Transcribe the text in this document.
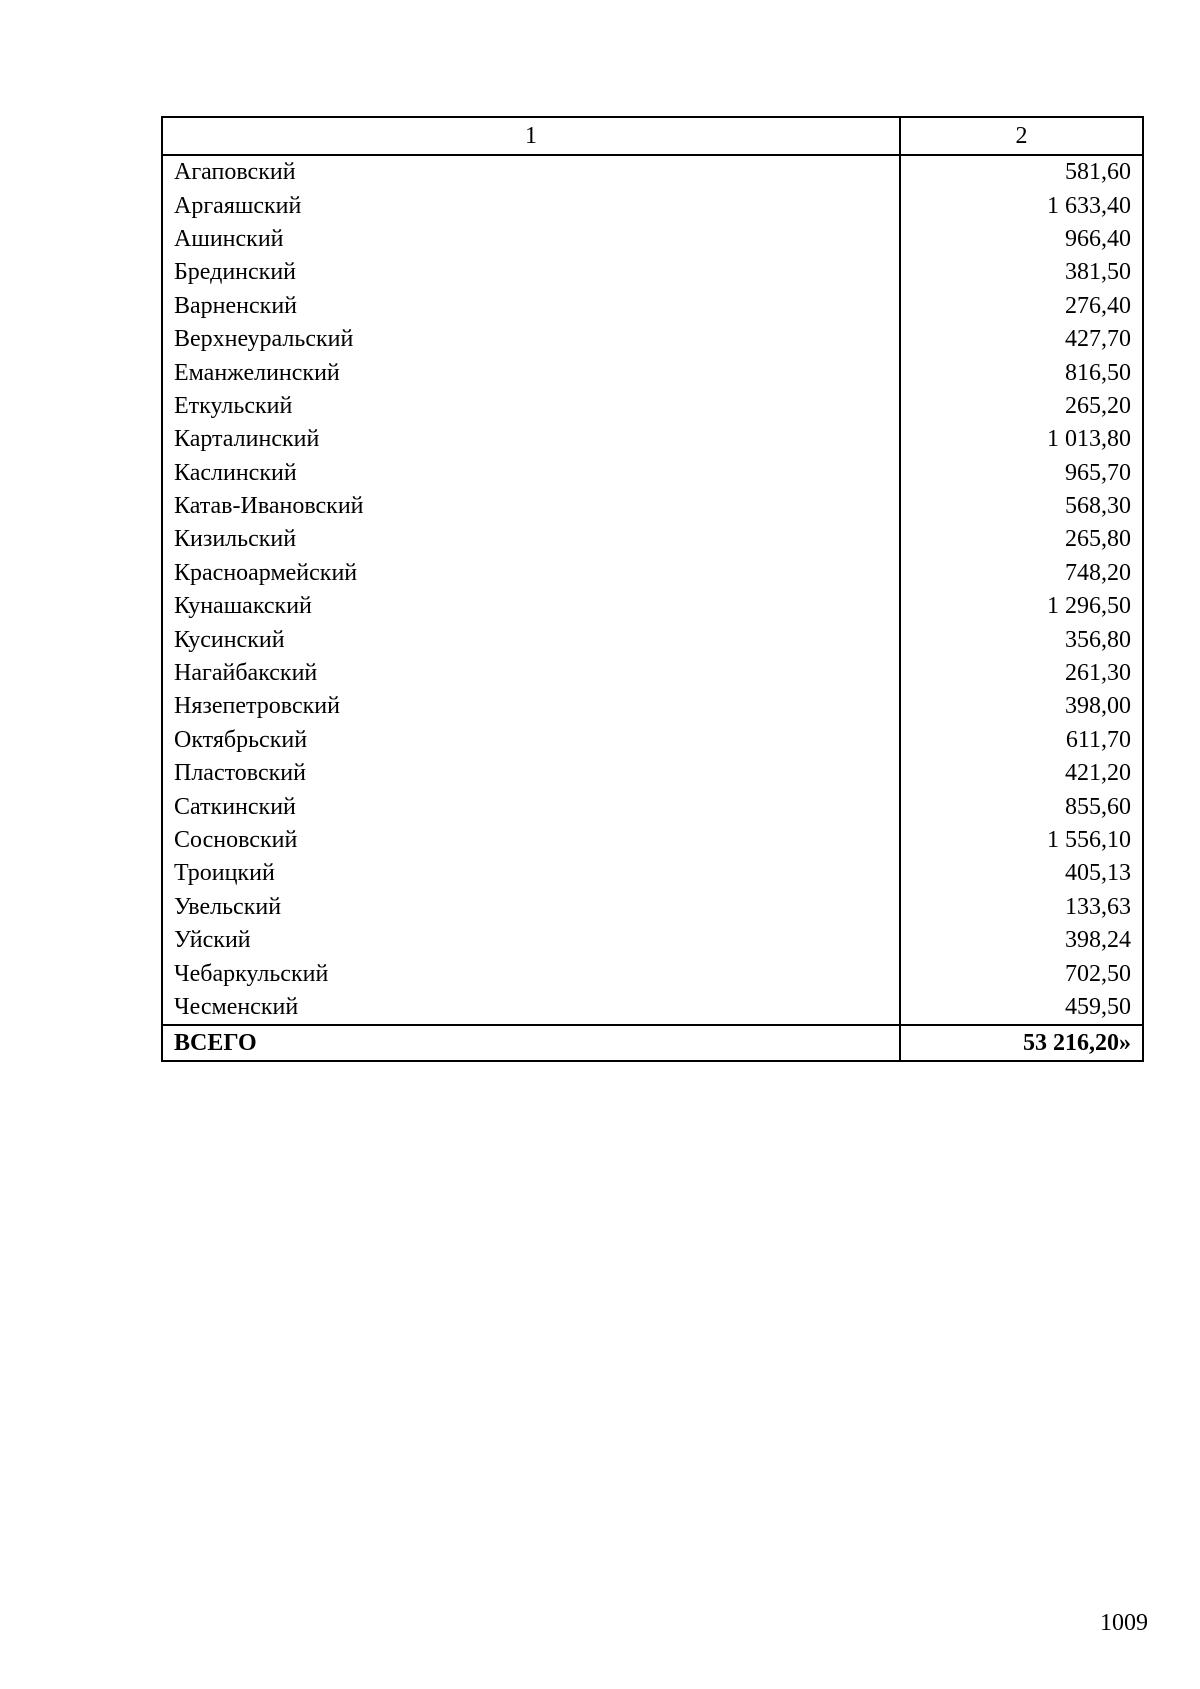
1	2
Агаповский	581,60
Аргаяшский	1 633,40
Ашинский	966,40
Брединский	381,50
Варненский	276,40
Верхнеуральский	427,70
Еманжелинский	816,50
Еткульский	265,20
Карталинский	1 013,80
Каслинский	965,70
Катав-Ивановский	568,30
Кизильский	265,80
Красноармейский	748,20
Кунашакский	1 296,50
Кусинский	356,80
Нагайбакский	261,30
Нязепетровский	398,00
Октябрьский	611,70
Пластовский	421,20
Саткинский	855,60
Сосновский	1 556,10
Троицкий	405,13
Увельский	133,63
Уйский	398,24
Чебаркульский	702,50
Чесменский	459,50
ВСЕГО	53 216,20»
1009
